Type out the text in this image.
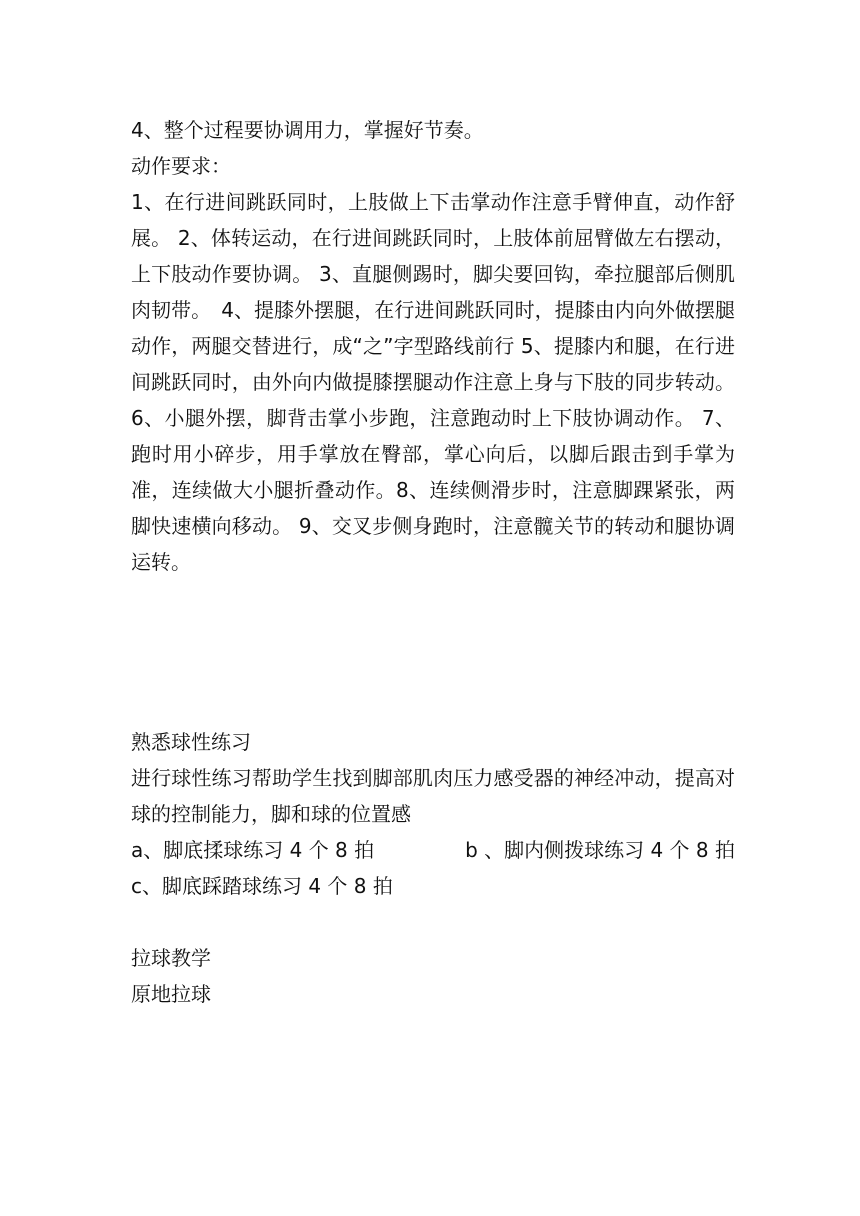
4、整个过程要协调用力，掌握好节奏。

动作要求：

1、在行进间跳跃同时，上肢做上下击掌动作注意手臂伸直，动作舒展。 2、体转运动，在行进间跳跃同时，上肢体前屈臂做左右摆动，上下肢动作要协调。 3、直腿侧踢时，脚尖要回钩，牵拉腿部后侧肌肉韧带。　4、提膝外摆腿，在行进间跳跃同时，提膝由内向外做摆腿动作，两腿交替进行，成“之”字型路线前行 5、提膝内和腿，在行进间跳跃同时，由外向内做提膝摆腿动作注意上身与下肢的同步转动。 6、小腿外摆，脚背击掌小步跑，注意跑动时上下肢协调动作。 7、跑时用小碎步，用手掌放在臀部，掌心向后，以脚后跟击到手掌为准，连续做大小腿折叠动作。8、连续侧滑步时，注意脚踝紧张，两脚快速横向移动。 9、交叉步侧身跑时，注意髋关节的转动和腿协调运转。

熟悉球性练习

进行球性练习帮助学生找到脚部肌肉压力感受器的神经冲动，提高对球的控制能力，脚和球的位置感

a、脚底揉球练习 4 个 8 拍	b 、脚内侧拨球练习 4 个 8 拍

c、脚底踩踏球练习 4 个 8 拍

拉球教学

原地拉球
